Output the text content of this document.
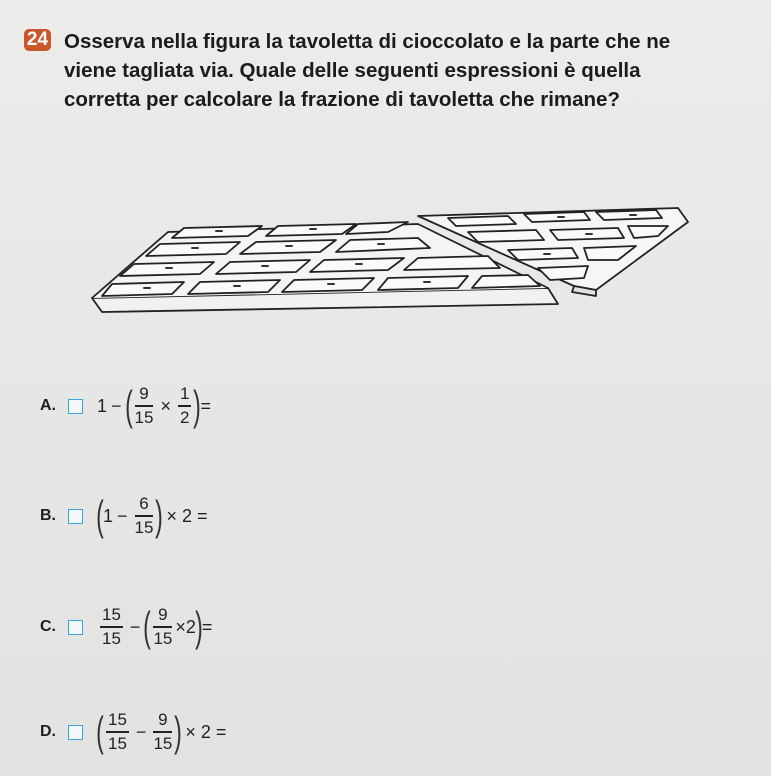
24 Osserva nella figura la tavoletta di cioccolato e la parte che ne
viene tagliata via. Quale delle seguenti espressioni è quella
corretta per calcolare la frazione di tavoletta che rimane?
A.	1 − ( $\frac{9}{15} \times \frac{1}{2}$ ) =
B. ( $1 - \frac{6}{15}$ ) × 2 =
C.	$\frac{15}{15}$ − ( $\frac{9}{15} \times 2$ ) =
D. ( $\frac{15}{15} - \frac{9}{15}$ ) × 2 =
